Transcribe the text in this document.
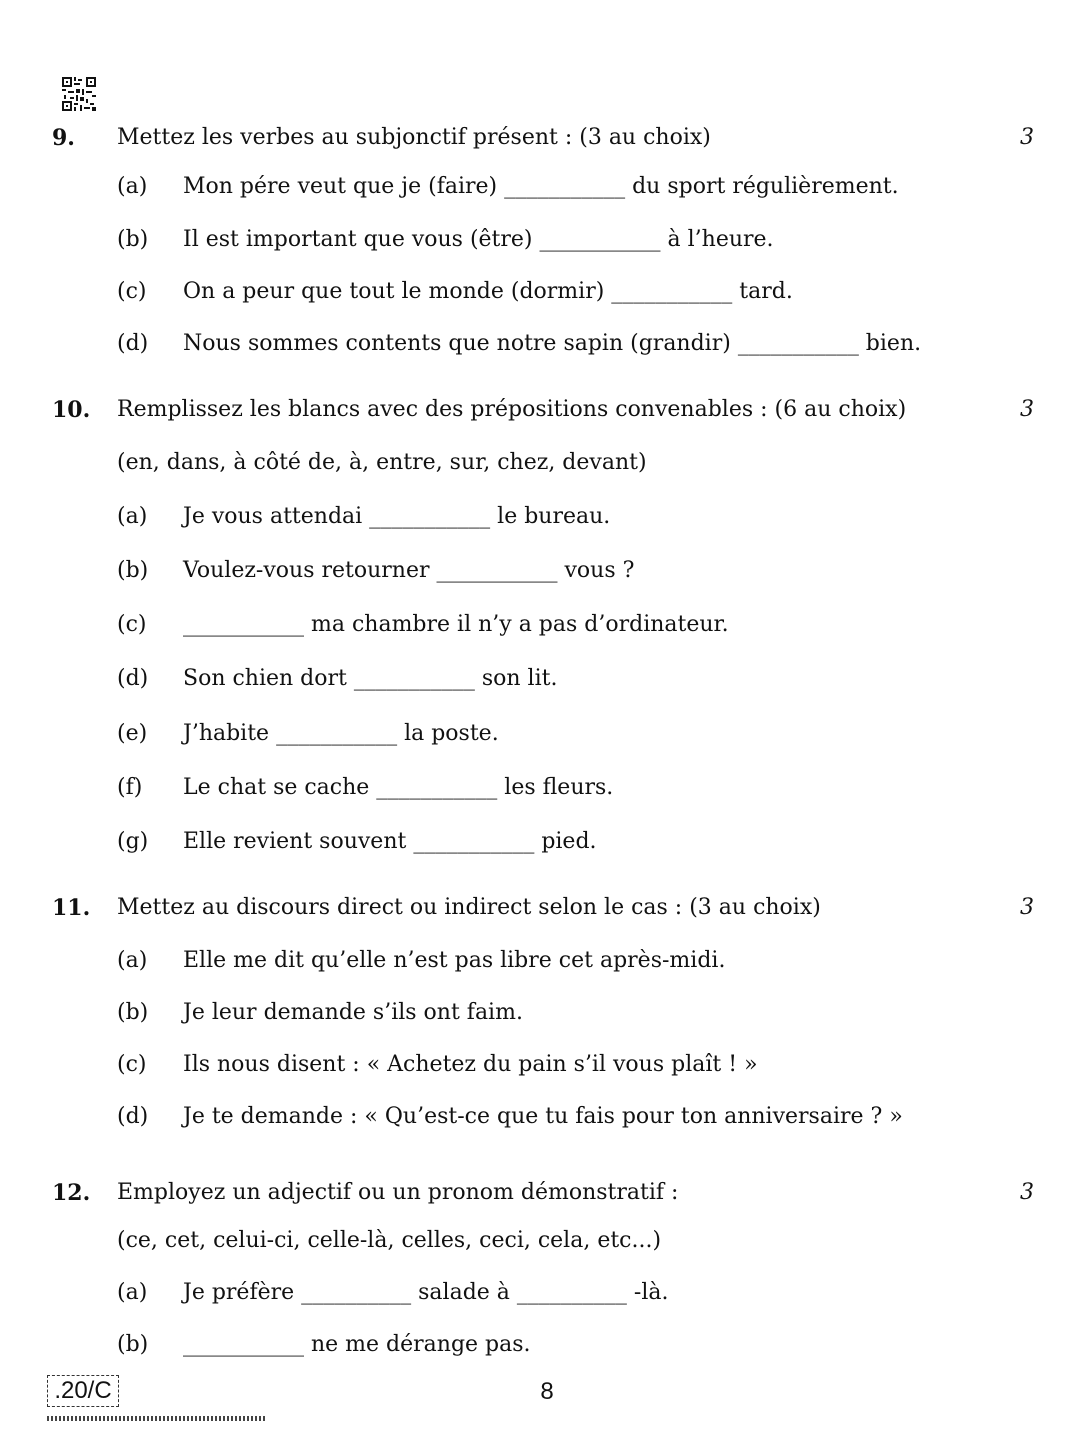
9. Mettez les verbes au subjonctif présent : (3 au choix)	3
(a) Mon pére veut que je (faire) ___________ du sport régulièrement.
(b) Il est important que vous (être) ___________ à l’heure.
(c) On a peur que tout le monde (dormir) ___________ tard.
(d) Nous sommes contents que notre sapin (grandir) ___________ bien.
10. Remplissez les blancs avec des prépositions convenables : (6 au choix)	3
(en, dans, à côté de, à, entre, sur, chez, devant)
(a) Je vous attendai ___________ le bureau.
(b) Voulez-vous retourner ___________ vous ?
(c) ___________ ma chambre il n’y a pas d’ordinateur.
(d) Son chien dort ___________ son lit.
(e) J’habite ___________ la poste.
(f) Le chat se cache ___________ les fleurs.
(g) Elle revient souvent ___________ pied.
11. Mettez au discours direct ou indirect selon le cas : (3 au choix)	3
(a) Elle me dit qu’elle n’est pas libre cet après-midi.
(b) Je leur demande s’ils ont faim.
(c) Ils nous disent : « Achetez du pain s’il vous plaît ! »
(d) Je te demande : « Qu’est-ce que tu fais pour ton anniversaire ? »
12. Employez un adjectif ou un pronom démonstratif :	3
(ce, cet, celui-ci, celle-là, celles, ceci, cela, etc...)
(a) Je préfère __________ salade à __________ -là.
(b) ___________ ne me dérange pas.
.20/C	8
